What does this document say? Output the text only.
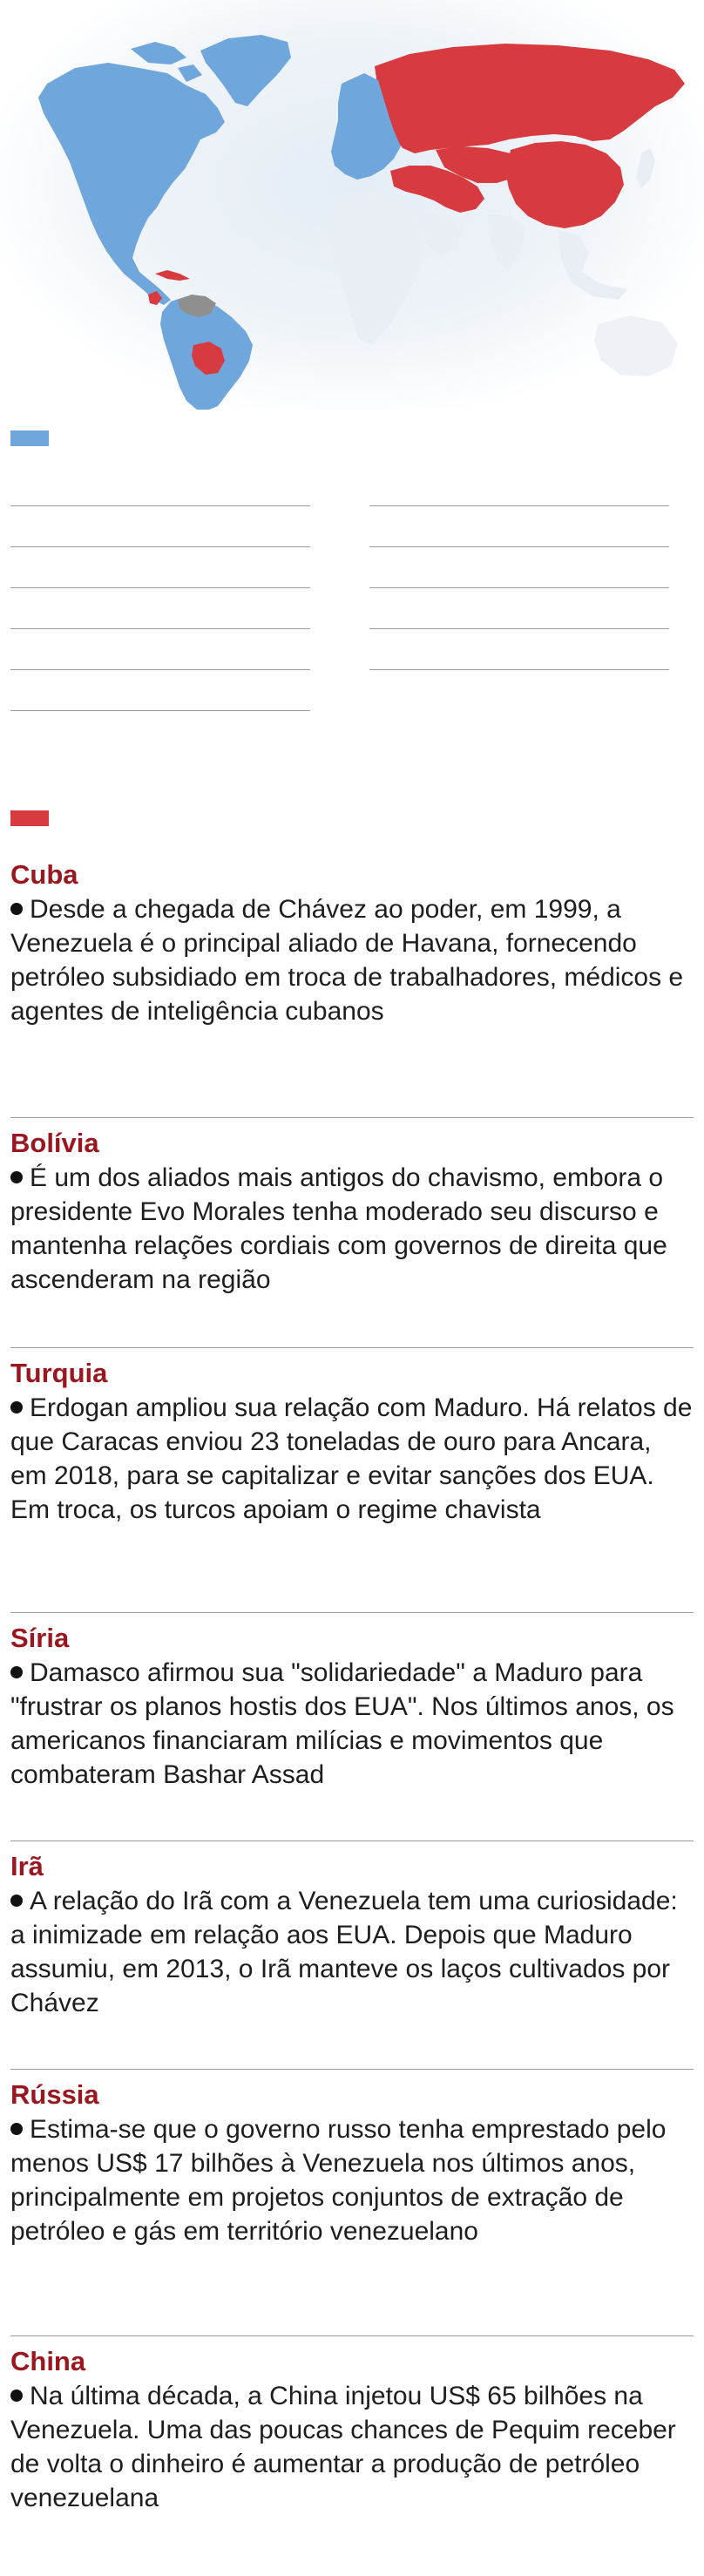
Cuba

Desde a chegada de Chávez ao poder, em 1999, a Venezuela é o principal aliado de Havana, fornecendo petróleo subsidiado em troca de trabalhadores, médicos e agentes de inteligência cubanos

Bolívia

É um dos aliados mais antigos do chavismo, embora o presidente Evo Morales tenha moderado seu discurso e mantenha relações cordiais com governos de direita que ascenderam na região

Turquia

Erdogan ampliou sua relação com Maduro. Há relatos de que Caracas enviou 23 toneladas de ouro para Ancara, em 2018, para se capitalizar e evitar sanções dos EUA. Em troca, os turcos apoiam o regime chavista

Síria

Damasco afirmou sua "solidariedade" a Maduro para "frustrar os planos hostis dos EUA". Nos últimos anos, os americanos financiaram milícias e movimentos que combateram Bashar Assad

Irã

A relação do Irã com a Venezuela tem uma curiosidade: a inimizade em relação aos EUA. Depois que Maduro assumiu, em 2013, o Irã manteve os laços cultivados por Chávez

Rússia

Estima-se que o governo russo tenha emprestado pelo menos US$ 17 bilhões à Venezuela nos últimos anos, principalmente em projetos conjuntos de extração de petróleo e gás em território venezuelano

China

Na última década, a China injetou US$ 65 bilhões na Venezuela. Uma das poucas chances de Pequim receber de volta o dinheiro é aumentar a produção de petróleo venezuelana
